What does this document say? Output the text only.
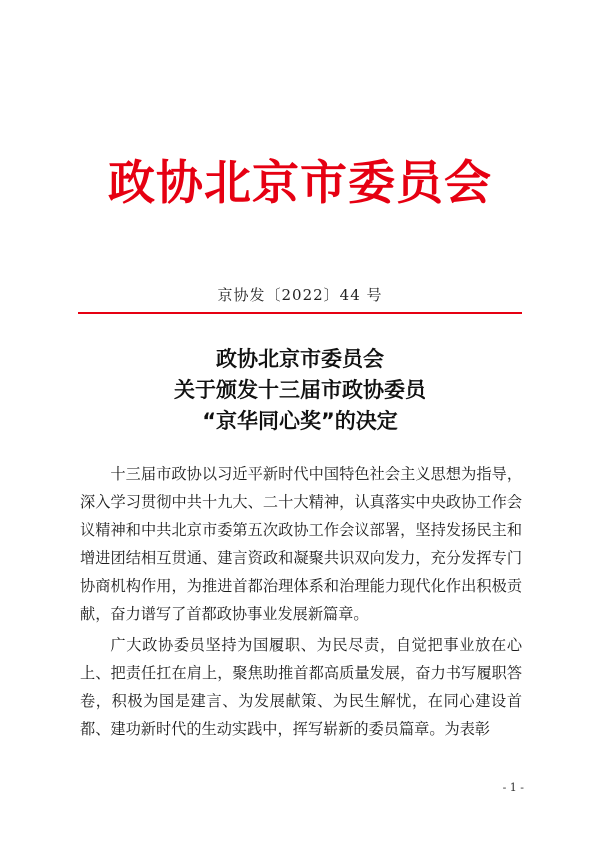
政协北京市委员会
京协发〔2022〕44 号
政协北京市委员会
关于颁发十三届市政协委员
“京华同心奖”的决定

十三届市政协以习近平新时代中国特色社会主义思想为指导，深入学习贯彻中共十九大、二十大精神，认真落实中央政协工作会议精神和中共北京市委第五次政协工作会议部署，坚持发扬民主和增进团结相互贯通、建言资政和凝聚共识双向发力，充分发挥专门协商机构作用，为推进首都治理体系和治理能力现代化作出积极贡献，奋力谱写了首都政协事业发展新篇章。

广大政协委员坚持为国履职、为民尽责，自觉把事业放在心上、把责任扛在肩上，聚焦助推首都高质量发展，奋力书写履职答卷，积极为国是建言、为发展献策、为民生解忧，在同心建设首都、建功新时代的生动实践中，挥写崭新的委员篇章。为表彰

- 1 -
